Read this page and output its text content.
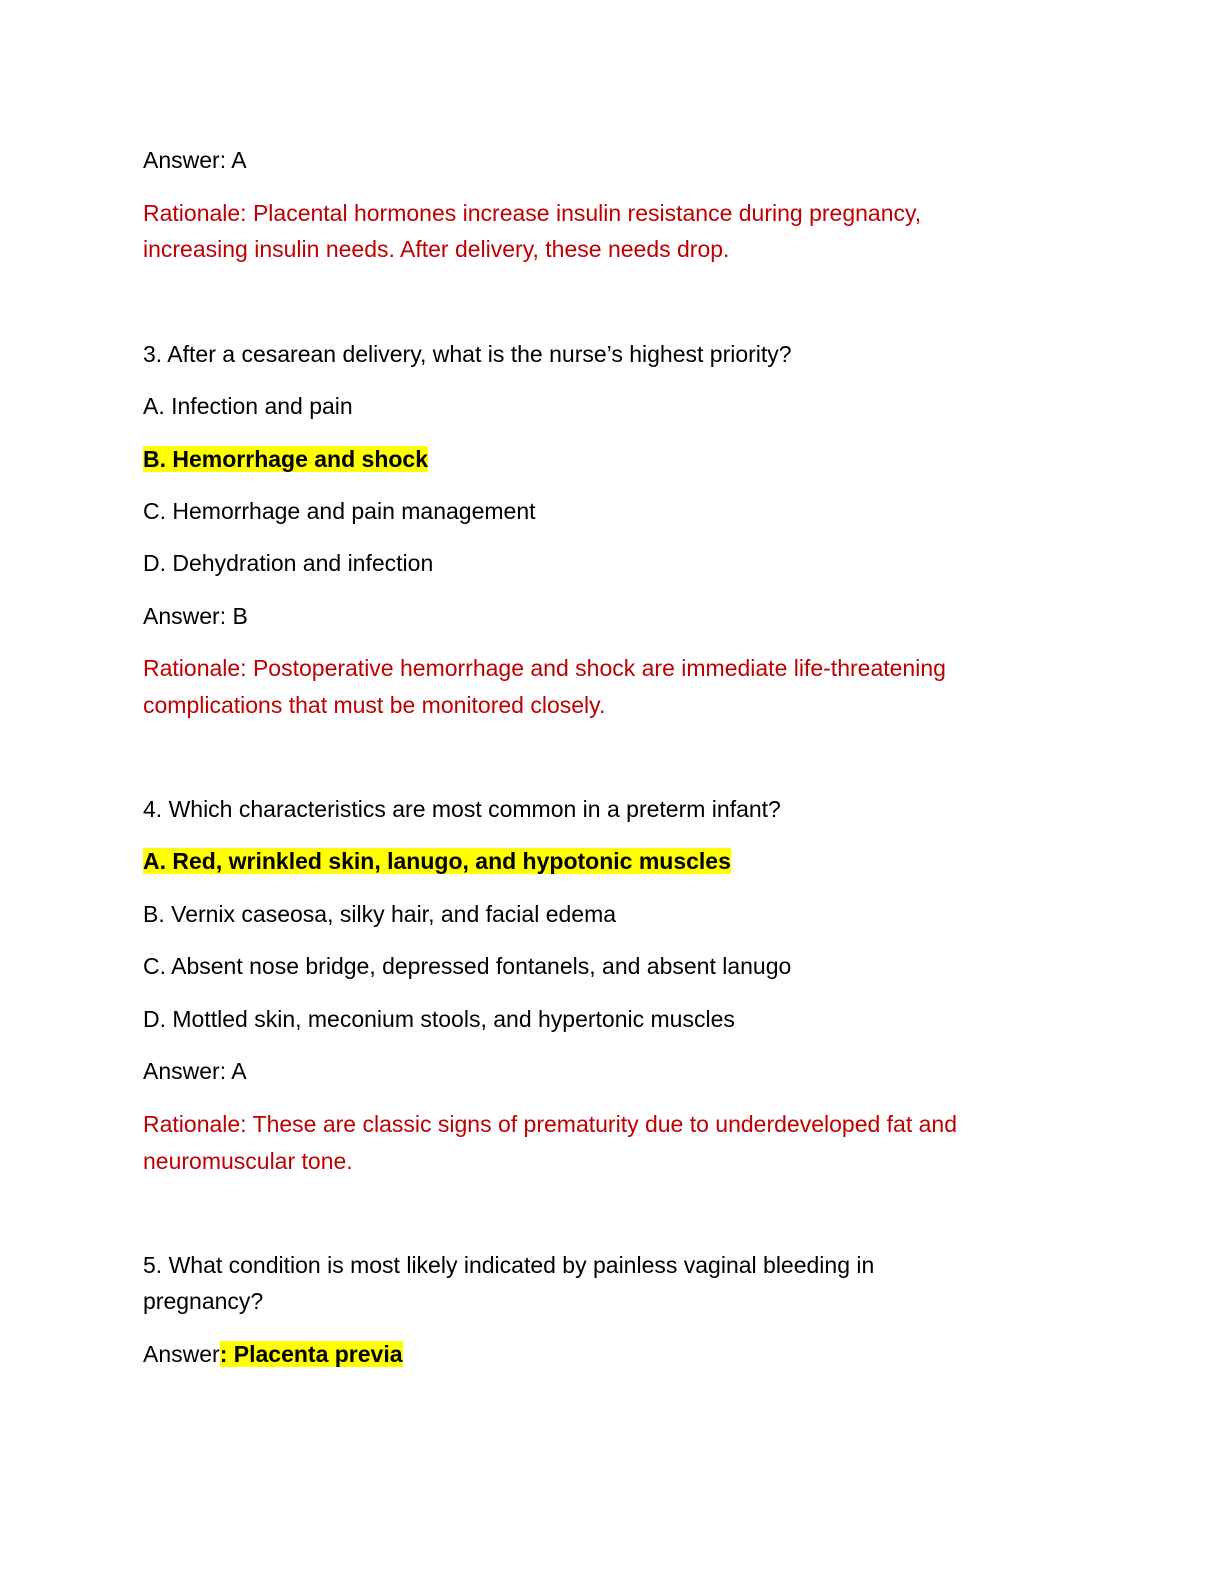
Answer: A
Rationale: Placental hormones increase insulin resistance during pregnancy,
increasing insulin needs. After delivery, these needs drop.
3. After a cesarean delivery, what is the nurse’s highest priority?
A. Infection and pain
B. Hemorrhage and shock
C. Hemorrhage and pain management
D. Dehydration and infection
Answer: B
Rationale: Postoperative hemorrhage and shock are immediate life-threatening
complications that must be monitored closely.
4. Which characteristics are most common in a preterm infant?
A. Red, wrinkled skin, lanugo, and hypotonic muscles
B. Vernix caseosa, silky hair, and facial edema
C. Absent nose bridge, depressed fontanels, and absent lanugo
D. Mottled skin, meconium stools, and hypertonic muscles
Answer: A
Rationale: These are classic signs of prematurity due to underdeveloped fat and
neuromuscular tone.
5. What condition is most likely indicated by painless vaginal bleeding in
pregnancy?
Answer: Placenta previa
